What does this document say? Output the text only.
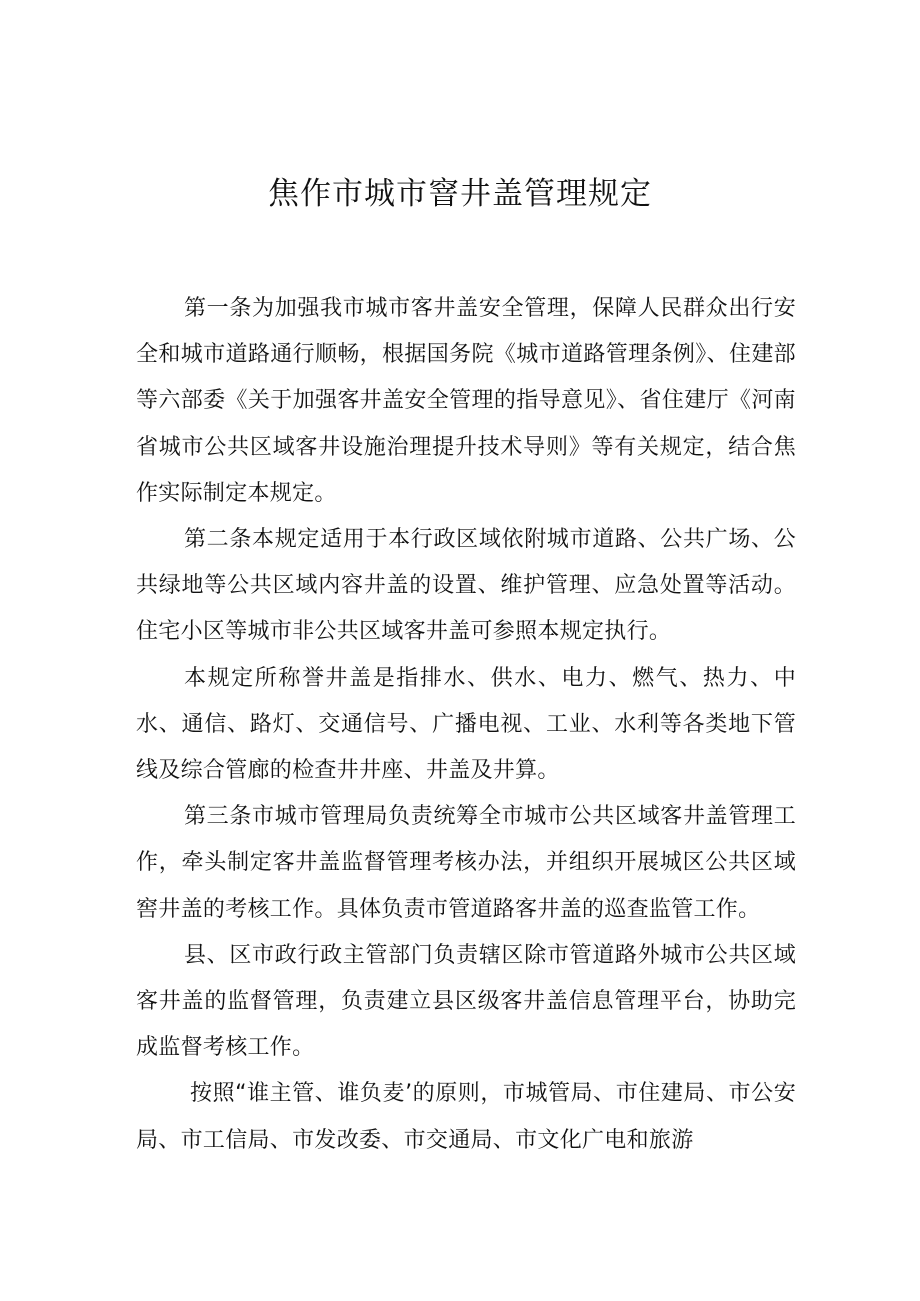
焦作市城市窨井盖管理规定

第一条为加强我市城市客井盖安全管理，保障人民群众出行安全和城市道路通行顺畅，根据国务院《城市道路管理条例》、住建部等六部委《关于加强客井盖安全管理的指导意见》、省住建厅《河南省城市公共区域客井设施治理提升技术导则》等有关规定，结合焦作实际制定本规定。

第二条本规定适用于本行政区域依附城市道路、公共广场、公共绿地等公共区域内容井盖的设置、维护管理、应急处置等活动。住宅小区等城市非公共区域客井盖可参照本规定执行。

本规定所称誉井盖是指排水、供水、电力、燃气、热力、中水、通信、路灯、交通信号、广播电视、工业、水利等各类地下管线及综合管廊的检查井井座、井盖及井算。

第三条市城市管理局负责统筹全市城市公共区域客井盖管理工作，牵头制定客井盖监督管理考核办法，并组织开展城区公共区域窖井盖的考核工作。具体负责市管道路客井盖的巡查监管工作。

县、区市政行政主管部门负责辖区除市管道路外城市公共区域客井盖的监督管理，负责建立县区级客井盖信息管理平台，协助完成监督考核工作。

按照“谁主管、谁负麦’的原则，市城管局、市住建局、市公安局、市工信局、市发改委、市交通局、市文化广电和旅游
